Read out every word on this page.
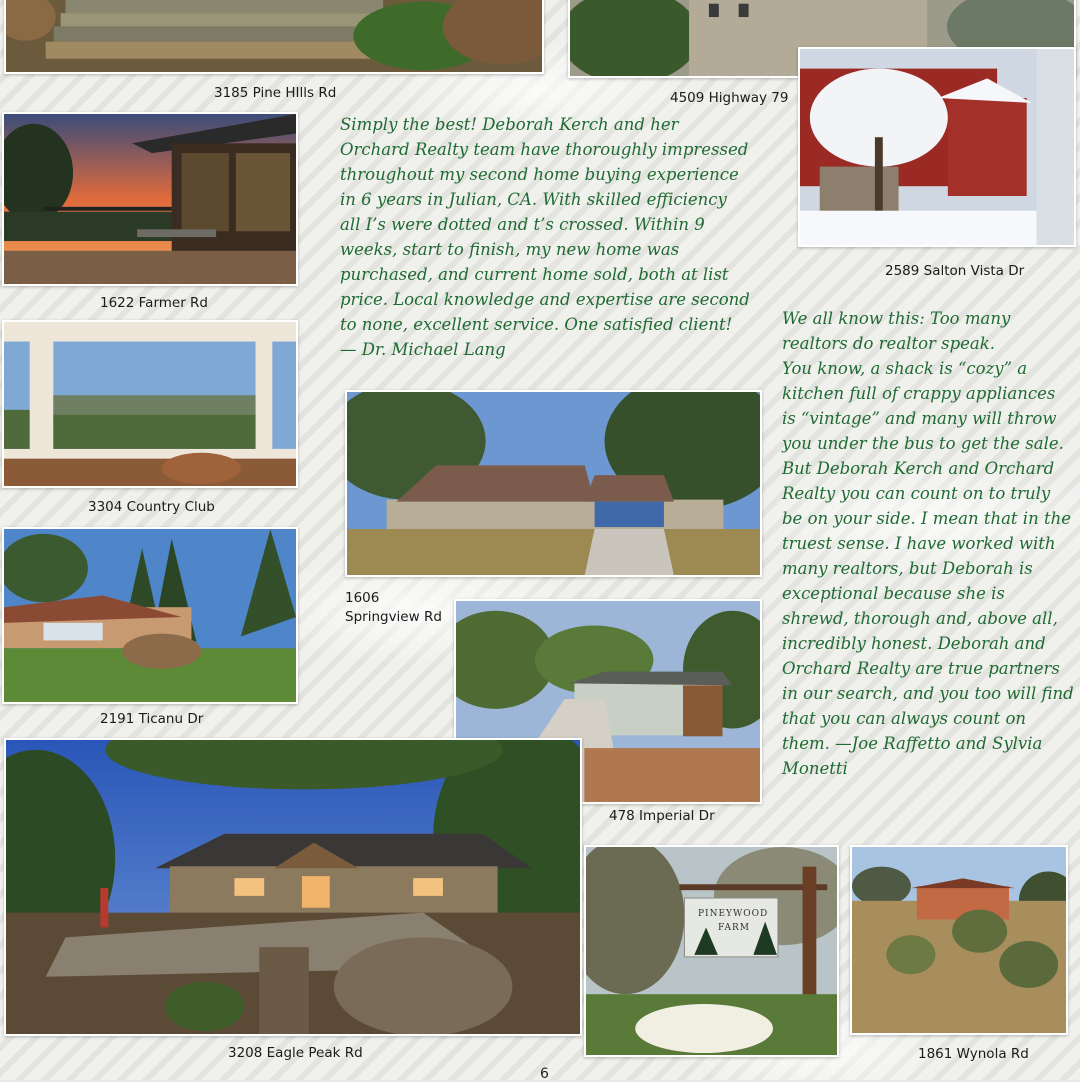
3185 Pine HIlls Rd	4509 Highway 79
2589 Salton Vista Dr
1622 Farmer Rd
3304 Country Club
2191 Ticanu Dr
1606
Springview Rd
478 Imperial Dr
3208 Eagle Peak Rd
PINEYWOOD
FARM
1861 Wynola Rd

Simply the best! Deborah Kerch and her Orchard Realty team have thoroughly impressed throughout my second home buying experience in 6 years in Julian, CA. With skilled efficiency all I’s were dotted and t’s crossed. Within 9 weeks, start to finish, my new home was purchased, and current home sold, both at list price. Local knowledge and expertise are second to none, excellent service. One satisfied client!

— Dr. Michael Lang

We all know this: Too many realtors do realtor speak.

You know, a shack is “cozy” a kitchen full of crappy appliances is “vintage” and many will throw you under the bus to get the sale. But Deborah Kerch and Orchard Realty you can count on to truly be on your side. I mean that in the truest sense. I have worked with many realtors, but Deborah is exceptional because she is shrewd, thorough and, above all, incredibly honest. Deborah and Orchard Realty are true partners in our search, and you too will find that you can always count on them. —Joe Raffetto and Sylvia Monetti

6
